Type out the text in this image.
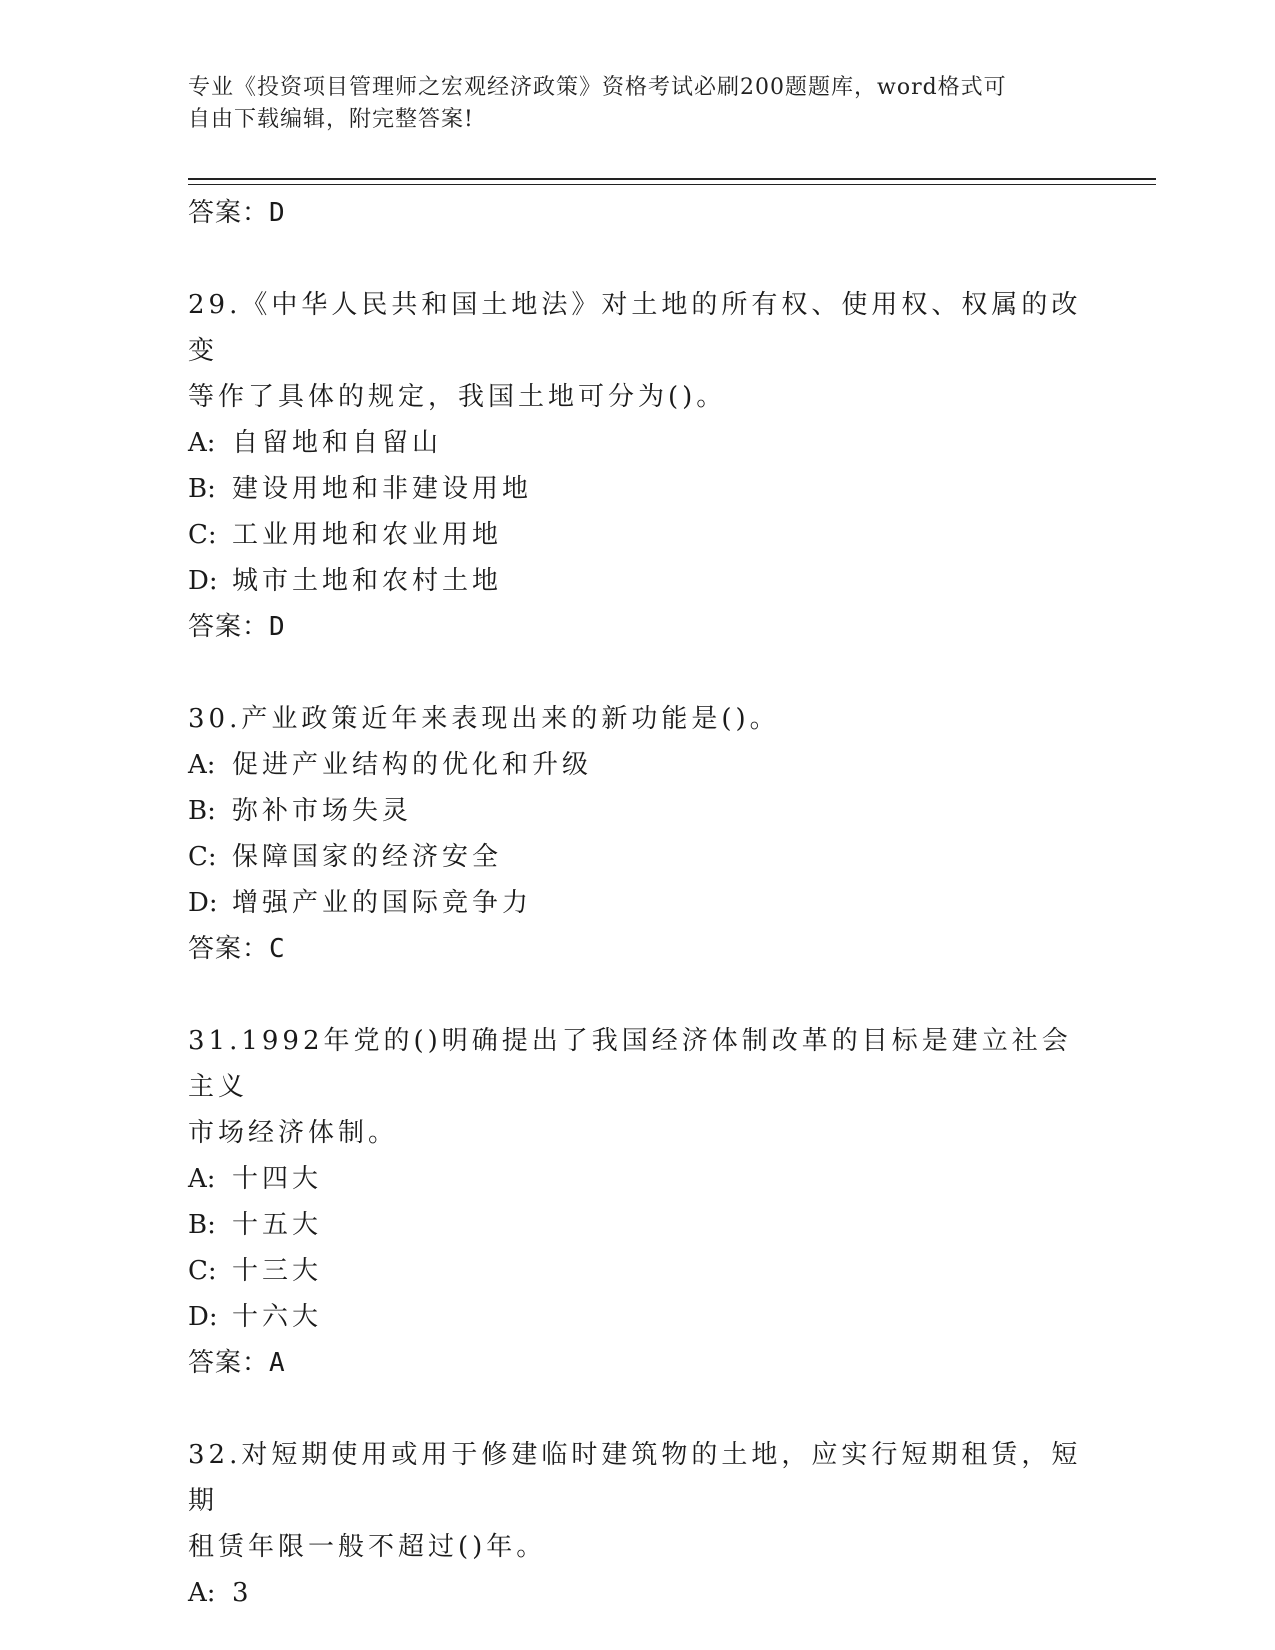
专业《投资项目管理师之宏观经济政策》资格考试必刷200题题库，word格式可
自由下载编辑，附完整答案!
答案：D
29.《中华人民共和国土地法》对土地的所有权、使用权、权属的改变
等作了具体的规定，我国土地可分为()。
A: 自留地和自留山
B: 建设用地和非建设用地
C: 工业用地和农业用地
D: 城市土地和农村土地
答案：D
30.产业政策近年来表现出来的新功能是()。
A: 促进产业结构的优化和升级
B: 弥补市场失灵
C: 保障国家的经济安全
D: 增强产业的国际竞争力
答案：C
31.1992年党的()明确提出了我国经济体制改革的目标是建立社会主义
市场经济体制。
A: 十四大
B: 十五大
C: 十三大
D: 十六大
答案：A
32.对短期使用或用于修建临时建筑物的土地，应实行短期租赁，短期
租赁年限一般不超过()年。
A: 3
